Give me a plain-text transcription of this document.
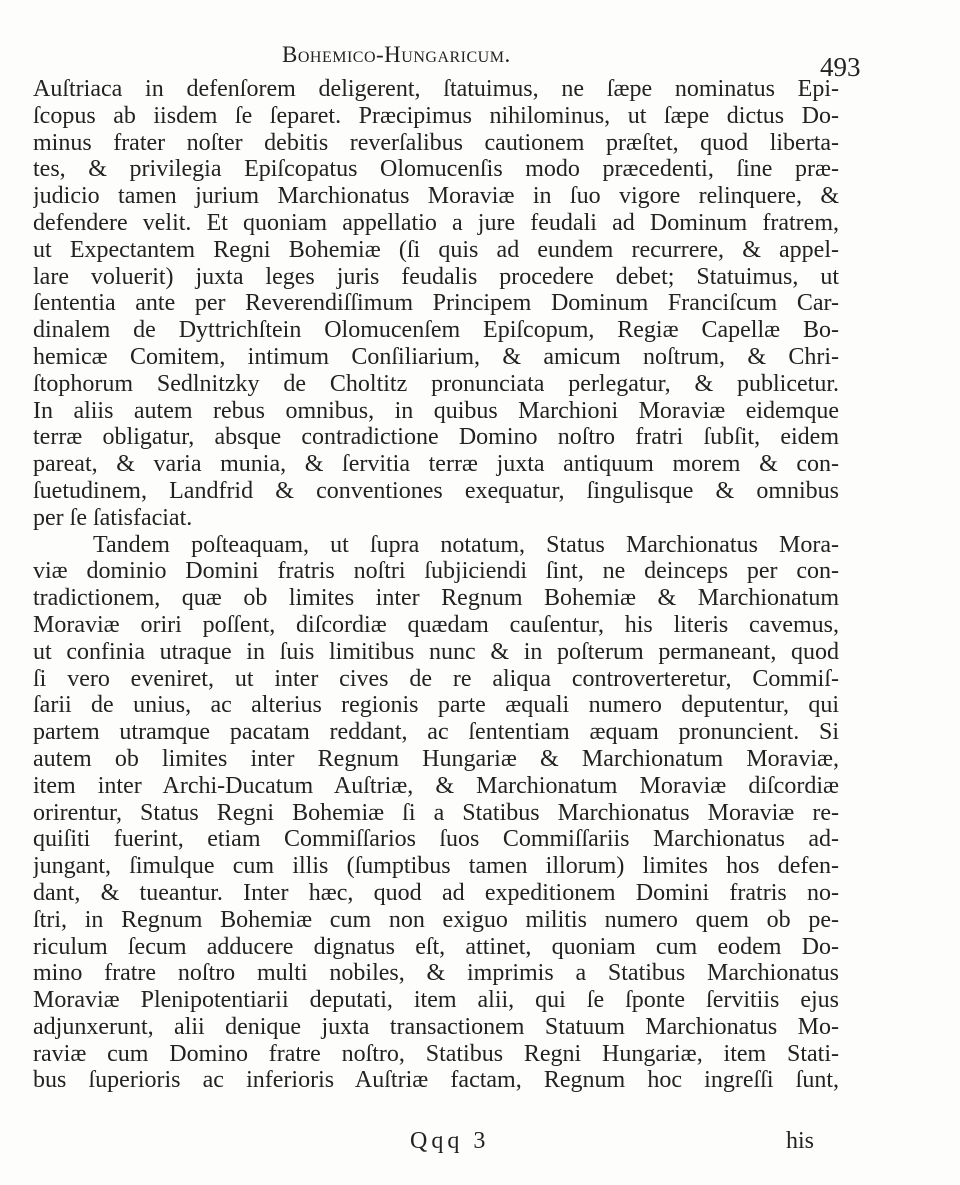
Bohemico-Hungaricum.	493
Auſtriaca in defenſorem deligerent, ſtatuimus, ne ſæpe nominatus Epi-
ſcopus ab iisdem ſe ſeparet. Præcipimus nihilominus, ut ſæpe dictus Do-
minus frater noſter debitis reverſalibus cautionem præſtet, quod liberta-
tes, & privilegia Epiſcopatus Olomucenſis modo præcedenti, ſine præ-
judicio tamen jurium Marchionatus Moraviæ in ſuo vigore relinquere, &
defendere velit. Et quoniam appellatio a jure feudali ad Dominum fratrem,
ut Expectantem Regni Bohemiæ (ſi quis ad eundem recurrere, & appel-
lare voluerit) juxta leges juris feudalis procedere debet; Statuimus, ut
ſententia ante per Reverendiſſimum Principem Dominum Franciſcum Car-
dinalem de Dyttrichſtein Olomucenſem Epiſcopum, Regiæ Capellæ Bo-
hemicæ Comitem, intimum Conſiliarium, & amicum noſtrum, & Chri-
ſtophorum Sedlnitzky de Choltitz pronunciata perlegatur, & publicetur.
In aliis autem rebus omnibus, in quibus Marchioni Moraviæ eidemque
terræ obligatur, absque contradictione Domino noſtro fratri ſubſit, eidem
pareat, & varia munia, & ſervitia terræ juxta antiquum morem & con-
ſuetudinem, Landfrid & conventiones exequatur, ſingulisque & omnibus
per ſe ſatisfaciat.
Tandem poſteaquam, ut ſupra notatum, Status Marchionatus Mora-
viæ dominio Domini fratris noſtri ſubjiciendi ſint, ne deinceps per con-
tradictionem, quæ ob limites inter Regnum Bohemiæ & Marchionatum
Moraviæ oriri poſſent, diſcordiæ quædam cauſentur, his literis cavemus,
ut confinia utraque in ſuis limitibus nunc & in poſterum permaneant, quod
ſi vero eveniret, ut inter cives de re aliqua controverteretur, Commiſ-
ſarii de unius, ac alterius regionis parte æquali numero deputentur, qui
partem utramque pacatam reddant, ac ſententiam æquam pronuncient. Si
autem ob limites inter Regnum Hungariæ & Marchionatum Moraviæ,
item inter Archi-Ducatum Auſtriæ, & Marchionatum Moraviæ diſcordiæ
orirentur, Status Regni Bohemiæ ſi a Statibus Marchionatus Moraviæ re-
quiſiti fuerint, etiam Commiſſarios ſuos Commiſſariis Marchionatus ad-
jungant, ſimulque cum illis (ſumptibus tamen illorum) limites hos defen-
dant, & tueantur. Inter hæc, quod ad expeditionem Domini fratris no-
ſtri, in Regnum Bohemiæ cum non exiguo militis numero quem ob pe-
riculum ſecum adducere dignatus eſt, attinet, quoniam cum eodem Do-
mino fratre noſtro multi nobiles, & imprimis a Statibus Marchionatus
Moraviæ Plenipotentiarii deputati, item alii, qui ſe ſponte ſervitiis ejus
adjunxerunt, alii denique juxta transactionem Statuum Marchionatus Mo-
raviæ cum Domino fratre noſtro, Statibus Regni Hungariæ, item Stati-
bus ſuperioris ac inferioris Auſtriæ factam, Regnum hoc ingreſſi ſunt,
Qqq 3	his
